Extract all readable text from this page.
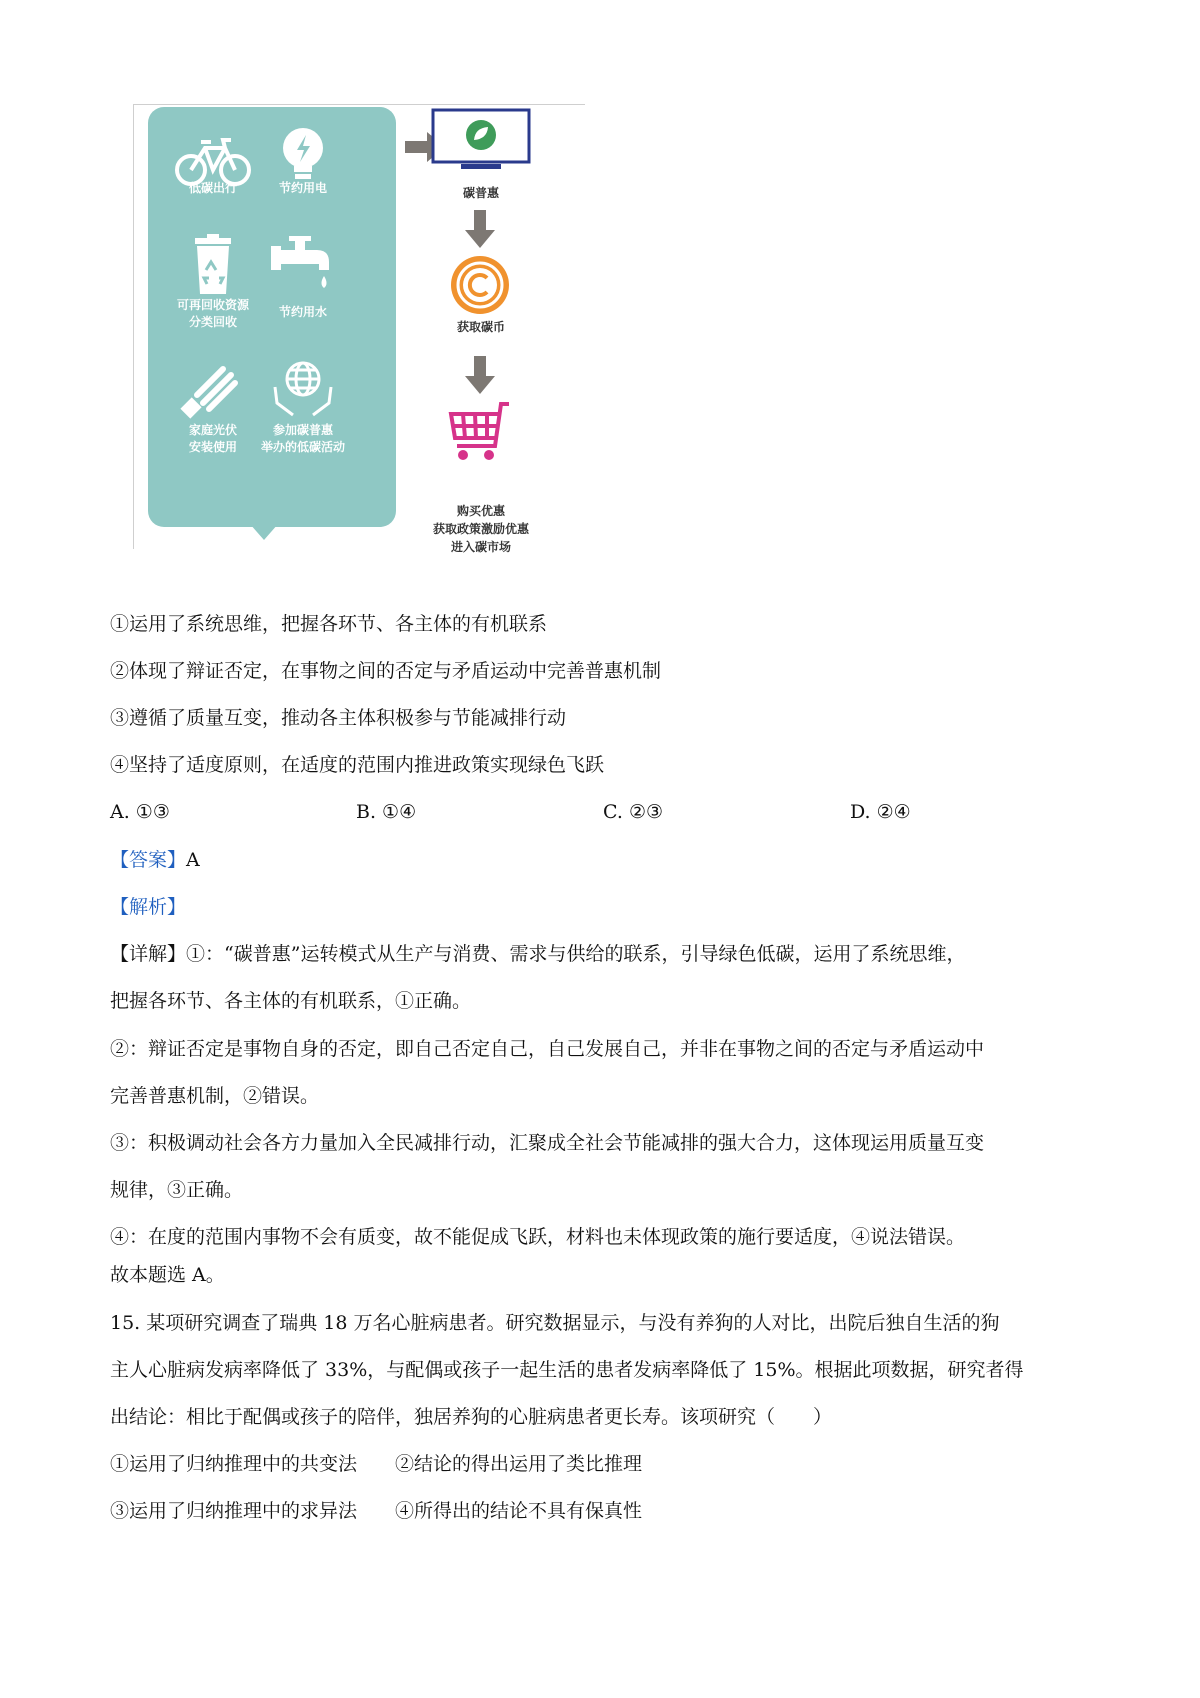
低碳出行	节约用电
可再回收资源
分类回收
节约用水
家庭光伏
安装使用
参加碳普惠
举办的低碳活动
碳普惠
获取碳币
购买优惠
获取政策激励优惠
进入碳市场
①运用了系统思维，把握各环节、各主体的有机联系
②体现了辩证否定，在事物之间的否定与矛盾运动中完善普惠机制
③遵循了质量互变，推动各主体积极参与节能减排行动
④坚持了适度原则，在适度的范围内推进政策实现绿色飞跃
A. ①③	B. ①④	C. ②③	D. ②④
【答案】A
【解析】
【详解】①：“碳普惠”运转模式从生产与消费、需求与供给的联系，引导绿色低碳，运用了系统思维，
把握各环节、各主体的有机联系，①正确。
②：辩证否定是事物自身的否定，即自己否定自己，自己发展自己，并非在事物之间的否定与矛盾运动中
完善普惠机制，②错误。
③：积极调动社会各方力量加入全民减排行动，汇聚成全社会节能减排的强大合力，这体现运用质量互变
规律，③正确。
④：在度的范围内事物不会有质变，故不能促成飞跃，材料也未体现政策的施行要适度，④说法错误。
故本题选 A。
15. 某项研究调查了瑞典 18 万名心脏病患者。研究数据显示，与没有养狗的人对比，出院后独自生活的狗
主人心脏病发病率降低了 33%，与配偶或孩子一起生活的患者发病率降低了 15%。根据此项数据，研究者得
出结论：相比于配偶或孩子的陪伴，独居养狗的心脏病患者更长寿。该项研究（　　）
①运用了归纳推理中的共变法　　②结论的得出运用了类比推理
③运用了归纳推理中的求异法　　④所得出的结论不具有保真性
